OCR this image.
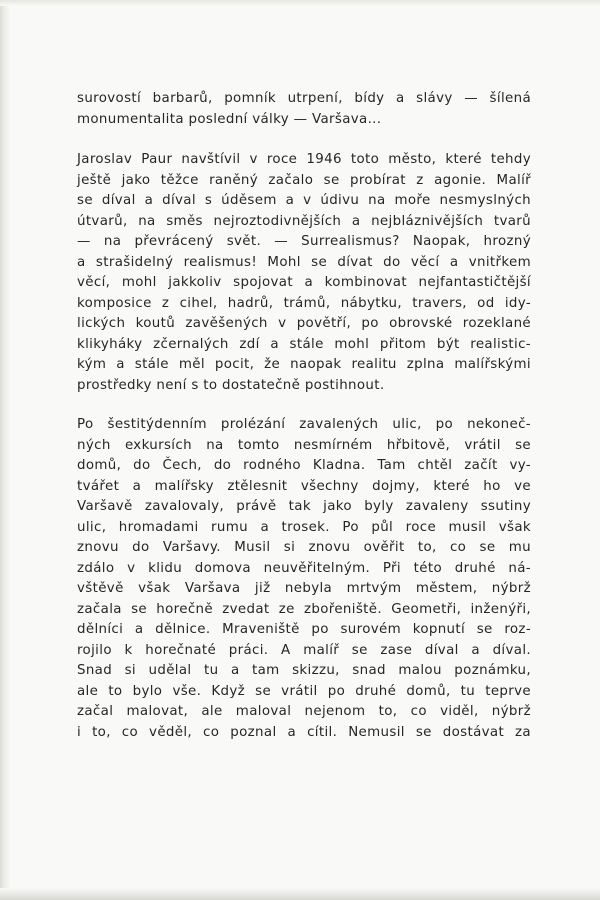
surovostí barbarů, pomník utrpení, bídy a slávy — šílená
monumentalita poslední války — Varšava...
Jaroslav Paur navštívil v roce 1946 toto město, které tehdy
ještě jako těžce raněný začalo se probírat z agonie. Malíř
se díval a díval s úděsem a v údivu na moře nesmyslných
útvarů, na směs nejroztodivnějších a nejbláznivějších tvarů
— na převrácený svět. — Surrealismus? Naopak, hrozný
a strašidelný realismus! Mohl se dívat do věcí a vnitřkem
věcí, mohl jakkoliv spojovat a kombinovat nejfantastičtější
komposice z cihel, hadrů, trámů, nábytku, travers, od idy-
lických koutů zavěšených v povětří, po obrovské rozeklané
klikyháky zčernalých zdí a stále mohl přitom být realistic-
kým a stále měl pocit, že naopak realitu zplna malířskými
prostředky není s to dostatečně postihnout.
Po šestitýdenním prolézání zavalených ulic, po nekoneč-
ných exkursích na tomto nesmírném hřbitově, vrátil se
domů, do Čech, do rodného Kladna. Tam chtěl začít vy-
tvářet a malířsky ztělesnit všechny dojmy, které ho ve
Varšavě zavalovaly, právě tak jako byly zavaleny ssutiny
ulic, hromadami rumu a trosek. Po půl roce musil však
znovu do Varšavy. Musil si znovu ověřit to, co se mu
zdálo v klidu domova neuvěřitelným. Při této druhé ná-
vštěvě však Varšava již nebyla mrtvým městem, nýbrž
začala se horečně zvedat ze zbořeniště. Geometři, inženýři,
dělníci a dělnice. Mraveniště po surovém kopnutí se roz-
rojilo k horečnaté práci. A malíř se zase díval a díval.
Snad si udělal tu a tam skizzu, snad malou poznámku,
ale to bylo vše. Když se vrátil po druhé domů, tu teprve
začal malovat, ale maloval nejenom to, co viděl, nýbrž
i to, co věděl, co poznal a cítil. Nemusil se dostávat za
